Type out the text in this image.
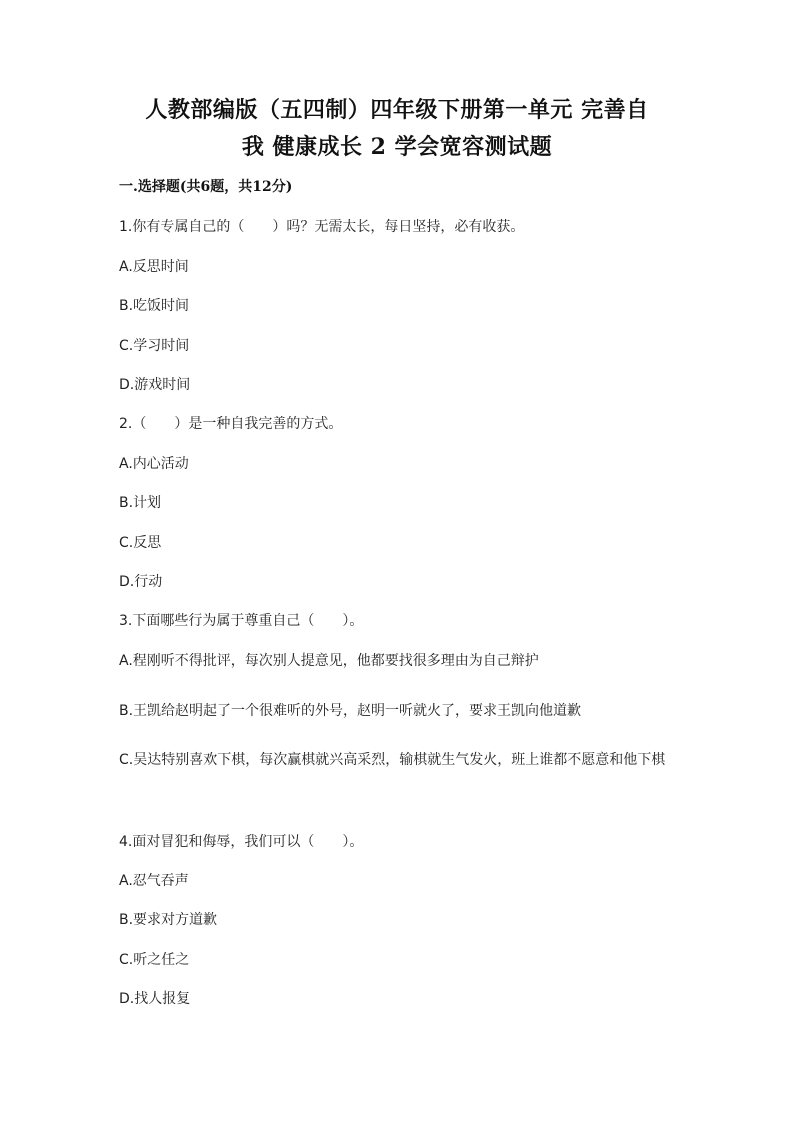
人教部编版（五四制）四年级下册第一单元 完善自
我 健康成长 2 学会宽容测试题
一.选择题(共6题，共12分)
1.你有专属自己的（　　）吗？无需太长，每日坚持，必有收获。
A.反思时间
B.吃饭时间
C.学习时间
D.游戏时间
2.（　　）是一种自我完善的方式。
A.内心活动
B.计划
C.反思
D.行动
3.下面哪些行为属于尊重自己（　　）。
A.程刚听不得批评，每次别人提意见，他都要找很多理由为自己辩护
B.王凯给赵明起了一个很难听的外号，赵明一听就火了，要求王凯向他道歉
C.吴达特别喜欢下棋，每次赢棋就兴高采烈，输棋就生气发火，班上谁都不愿意和他下棋
4.面对冒犯和侮辱，我们可以（　　）。
A.忍气吞声
B.要求对方道歉
C.听之任之
D.找人报复
